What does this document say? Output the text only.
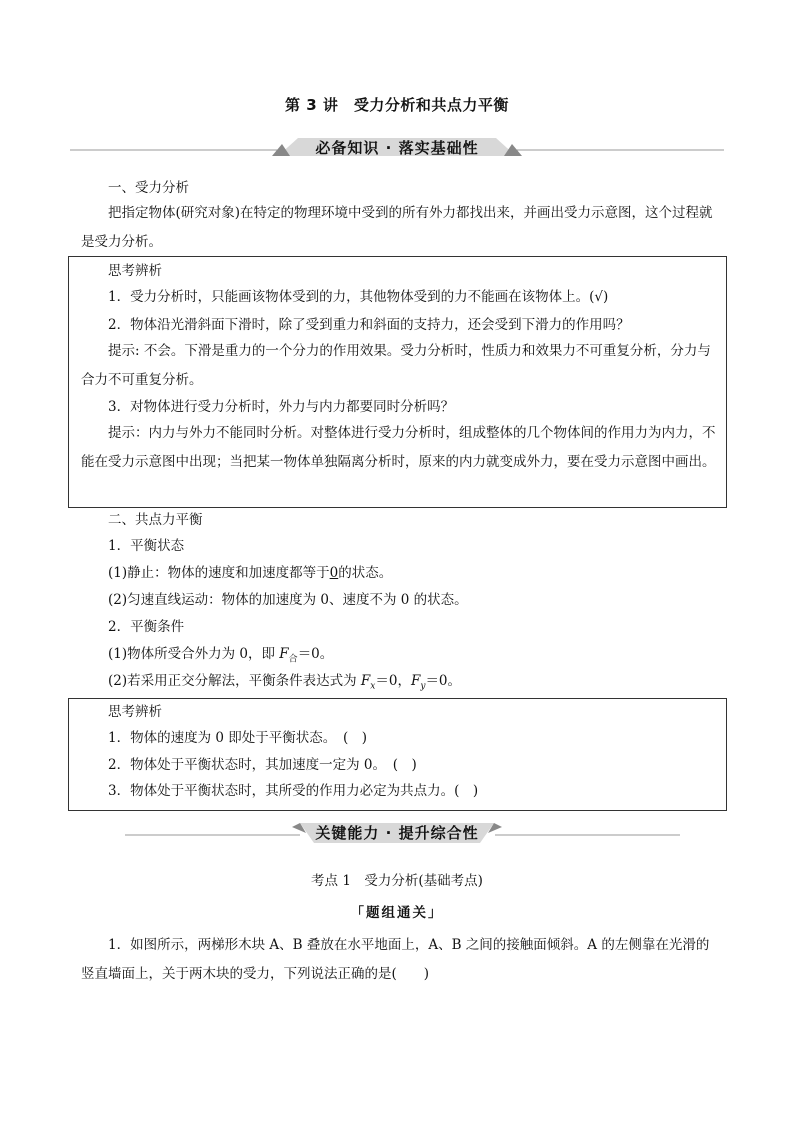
第 3 讲　受力分析和共点力平衡
必备知识 · 落实基础性
一、受力分析
把指定物体(研究对象)在特定的物理环境中受到的所有外力都找出来，并画出受力示意图，这个过程就是受力分析。
思考辨析
1．受力分析时，只能画该物体受到的力，其他物体受到的力不能画在该物体上。(√)
2．物体沿光滑斜面下滑时，除了受到重力和斜面的支持力，还会受到下滑力的作用吗？
提示: 不会。下滑是重力的一个分力的作用效果。受力分析时，性质力和效果力不可重复分析，分力与合力不可重复分析。
3．对物体进行受力分析时，外力与内力都要同时分析吗？
提示：内力与外力不能同时分析。对整体进行受力分析时，组成整体的几个物体间的作用力为内力，不能在受力示意图中出现；当把某一物体单独隔离分析时，原来的内力就变成外力，要在受力示意图中画出。
二、共点力平衡
1．平衡状态
(1)静止：物体的速度和加速度都等于0的状态。
(2)匀速直线运动：物体的加速度为 0、速度不为 0 的状态。
2．平衡条件
(1)物体所受合外力为 0，即 $F_合=0$。
(2)若采用正交分解法，平衡条件表达式为 $F_x=0$，$F_y=0$。
思考辨析
1．物体的速度为 0 即处于平衡状态。　(　)
2．物体处于平衡状态时，其加速度一定为 0。　(　)
3．物体处于平衡状态时，其所受的作用力必定为共点力。(　)
关键能力 · 提升综合性
考点 1　受力分析(基础考点)
「题组通关」
1．如图所示，两梯形木块 A、B 叠放在水平地面上，A、B 之间的接触面倾斜。A 的左侧靠在光滑的竖直墙面上，关于两木块的受力，下列说法正确的是(　　)
